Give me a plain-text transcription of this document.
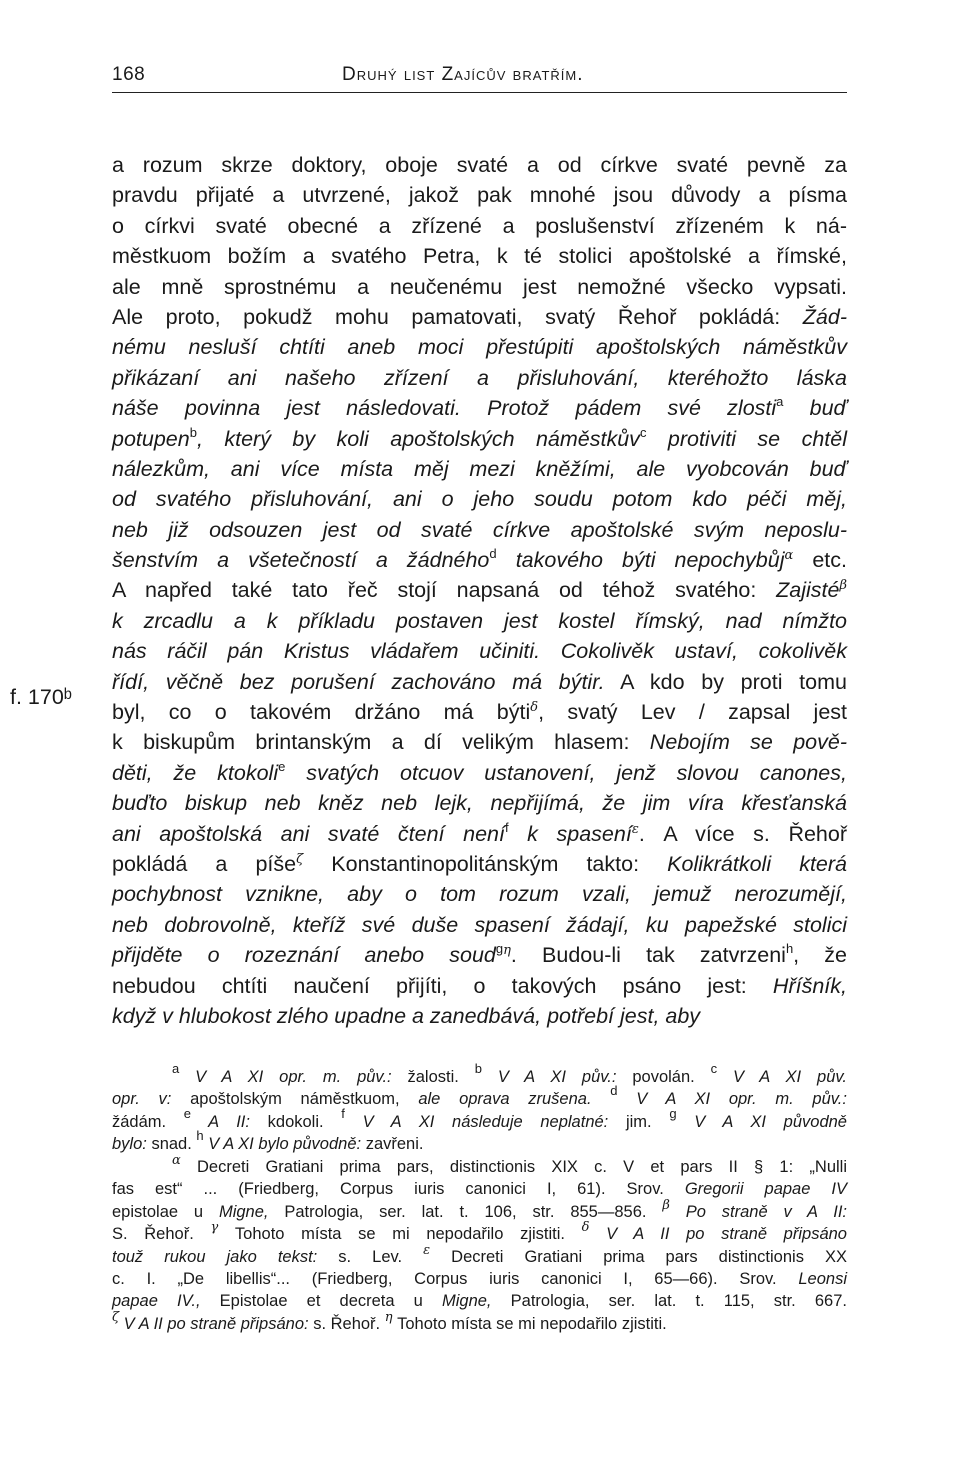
168	Druhý list Zajícův bratřím.
f. 170ᵇ
a rozum skrze doktory, oboje svaté a od církve svaté pevně za
pravdu přijaté a utvrzené, jakož pak mnohé jsou důvody a písma
o církvi svaté obecné a zřízené a poslušenství zřízeném k ná-
městkuom božím a svatého Petra, k té stolici apoštolské a římské,
ale mně sprostnému a neučenému jest nemožné všecko vypsati.
Ale proto, pokudž mohu pamatovati, svatý Řehoř pokládá: Žád-
nému nesluší chtíti aneb moci přestúpiti apoštolských náměstkův
přikázaní ani našeho zřízení a přisluhování, kteréhožto láska
náše povinna jest následovati. Protož pádem své zlosti$^a$ buď
potupen$^b$, který by koli apoštolských náměstkův$^c$ protiviti se chtěl
nálezkům, ani více místa měj mezi kněžími, ale vyobcován buď
od svatého přisluhování, ani o jeho soudu potom kdo péči měj,
neb již odsouzen jest od svaté církve apoštolské svým neposlu-
šenstvím a všetečností a žádného$^d$ takového býti nepochybůj$^\alpha$ etc.
A napřed také tato řeč stojí napsaná od téhož svatého: Zajisté$^\beta$
k zrcadlu a k příkladu postaven jest kostel římský, nad nímžto
nás ráčil pán Kristus vládařem učiniti. Cokolivěk ustaví, cokolivěk
řídí, věčně bez porušení zachováno má býtir. A kdo by proti tomu
byl, co o takovém držáno má býti$^\delta$, svatý Lev / zapsal jest
k biskupům brintanským a dí velikým hlasem: Nebojím se pově-
děti, že ktokoli$^e$ svatých otcuov ustanovení, jenž slovou canones,
buďto biskup neb kněz neb lejk, nepřijímá, že jim víra křesťanská
ani apoštolská ani svaté čtení není$^f$ k spasení$^\varepsilon$. A více s. Řehoř
pokládá a píše$^\zeta$ Konstantinopolitánským takto: Kolikrátkoli která
pochybnost vznikne, aby o tom rozum vzali, jemuž nerozumějí,
neb dobrovolně, kteříž své duše spasení žádají, ku papežské stolici
přijděte o rozeznání anebo soud$^{g\eta}$. Budou-li tak zatvrzeni$^h$, že
nebudou chtíti naučení přijíti, o takových psáno jest: Hříšník,
když v hlubokost zlého upadne a zanedbává, potřebí jest, aby
$^a$ V A XI opr. m. pův.: žalosti. $^b$ V A XI pův.: povolán. $^c$ V A XI pův.
opr. v: apoštolským náměstkuom, ale oprava zrušena. $^d$ V A XI opr. m. pův.:
žádám. $^e$ A II: kdokoli. $^f$ V A XI následuje neplatné: jim. $^g$ V A XI původně
bylo: snad. $^h$ V A XI bylo původně: zavřeni.
$^\alpha$ Decreti Gratiani prima pars, distinctionis XIX c. V et pars II § 1: „Nulli
fas est“ ... (Friedberg, Corpus iuris canonici I, 61). Srov. Gregorii papae IV
epistolae u Migne, Patrologia, ser. lat. t. 106, str. 855—856. $^\beta$ Po straně v A II:
S. Řehoř. $^\gamma$ Tohoto místa se mi nepodařilo zjistiti. $^\delta$ V A II po straně připsáno
touž rukou jako tekst: s. Lev. $^\varepsilon$ Decreti Gratiani prima pars distinctionis XX
c. I. „De libellis“... (Friedberg, Corpus iuris canonici I, 65—66). Srov. Leonsi
papae IV., Epistolae et decreta u Migne, Patrologia, ser. lat. t. 115, str. 667.
$^\zeta$ V A II po straně připsáno: s. Řehoř. $^\eta$ Tohoto místa se mi nepodařilo zjistiti.
